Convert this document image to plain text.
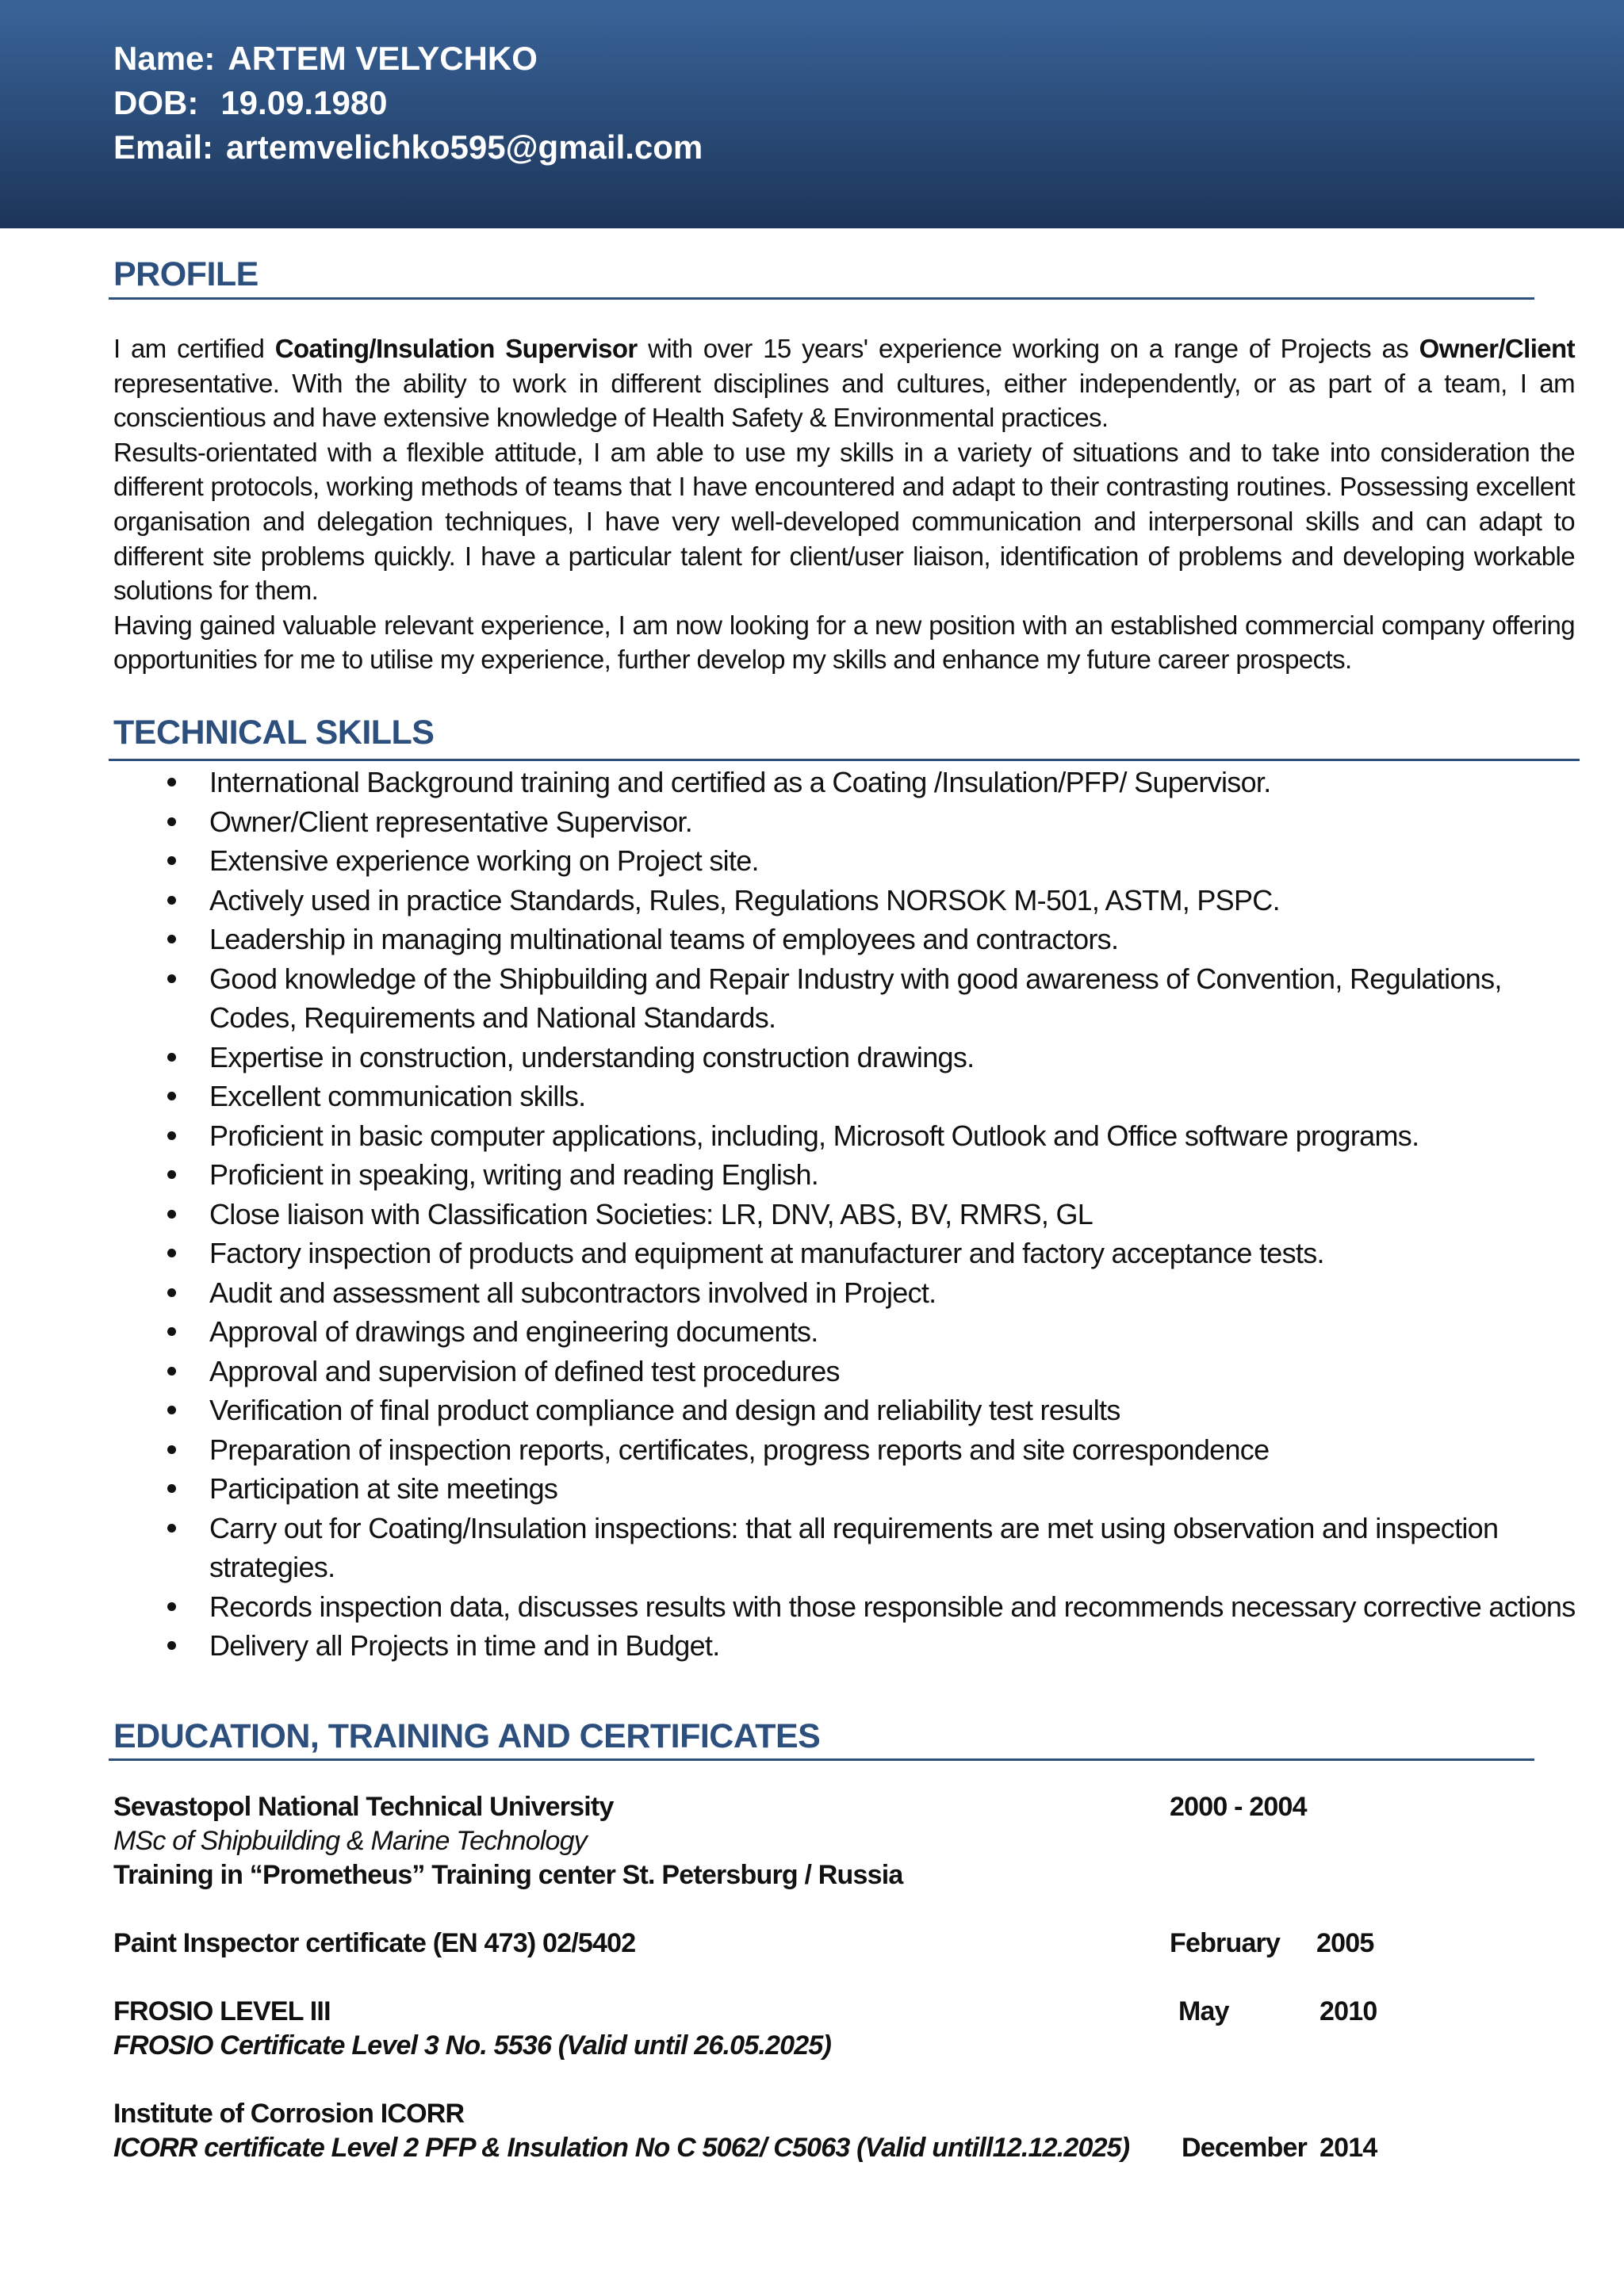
Name: ARTEM VELYCHKO
DOB: 19.09.1980
Email: artemvelichko595@gmail.com
PROFILE

I am certified Coating/Insulation Supervisor with over 15 years' experience working on a range of Projects as Owner/Client representative. With the ability to work in different disciplines and cultures, either independently, or as part of a team, I am conscientious and have extensive knowledge of Health Safety & Environmental practices.

Results-orientated with a flexible attitude, I am able to use my skills in a variety of situations and to take into consideration the different protocols, working methods of teams that I have encountered and adapt to their contrasting routines. Possessing excellent organisation and delegation techniques, I have very well-developed communication and interpersonal skills and can adapt to different site problems quickly. I have a particular talent for client/user liaison, identification of problems and developing workable solutions for them.

Having gained valuable relevant experience, I am now looking for a new position with an established commercial company offering opportunities for me to utilise my experience, further develop my skills and enhance my future career prospects.

TECHNICAL SKILLS
International Background training and certified as a Coating /Insulation/PFP/ Supervisor.
Owner/Client representative Supervisor.
Extensive experience working on Project site.
Actively used in practice Standards, Rules, Regulations NORSOK M-501, ASTM, PSPC.
Leadership in managing multinational teams of employees and contractors.
Good knowledge of the Shipbuilding and Repair Industry with good awareness of Convention, Regulations, Codes, Requirements and National Standards.
Expertise in construction, understanding construction drawings.
Excellent communication skills.
Proficient in basic computer applications, including, Microsoft Outlook and Office software programs.
Proficient in speaking, writing and reading English.
Close liaison with Classification Societies: LR, DNV, ABS, BV, RMRS, GL
Factory inspection of products and equipment at manufacturer and factory acceptance tests.
Audit and assessment all subcontractors involved in Project.
Approval of drawings and engineering documents.
Approval and supervision of defined test procedures
Verification of final product compliance and design and reliability test results
Preparation of inspection reports, certificates, progress reports and site correspondence
Participation at site meetings
Carry out for Coating/Insulation inspections: that all requirements are met using observation and inspection strategies.
Records inspection data, discusses results with those responsible and recommends necessary corrective actions
Delivery all Projects in time and in Budget.
EDUCATION, TRAINING AND CERTIFICATES
Sevastopol National Technical University	2000 - 2004
MSc of Shipbuilding & Marine Technology
Training in “Prometheus” Training center St. Petersburg / Russia
Paint Inspector certificate (EN 473) 02/5402	February 2005
FROSIO LEVEL III	May	2010
FROSIO Certificate Level 3 No. 5536 (Valid until 26.05.2025)
Institute of Corrosion ICORR
ICORR certificate Level 2 PFP & Insulation No C 5062/ C5063 (Valid untill12.12.2025) December 2014
